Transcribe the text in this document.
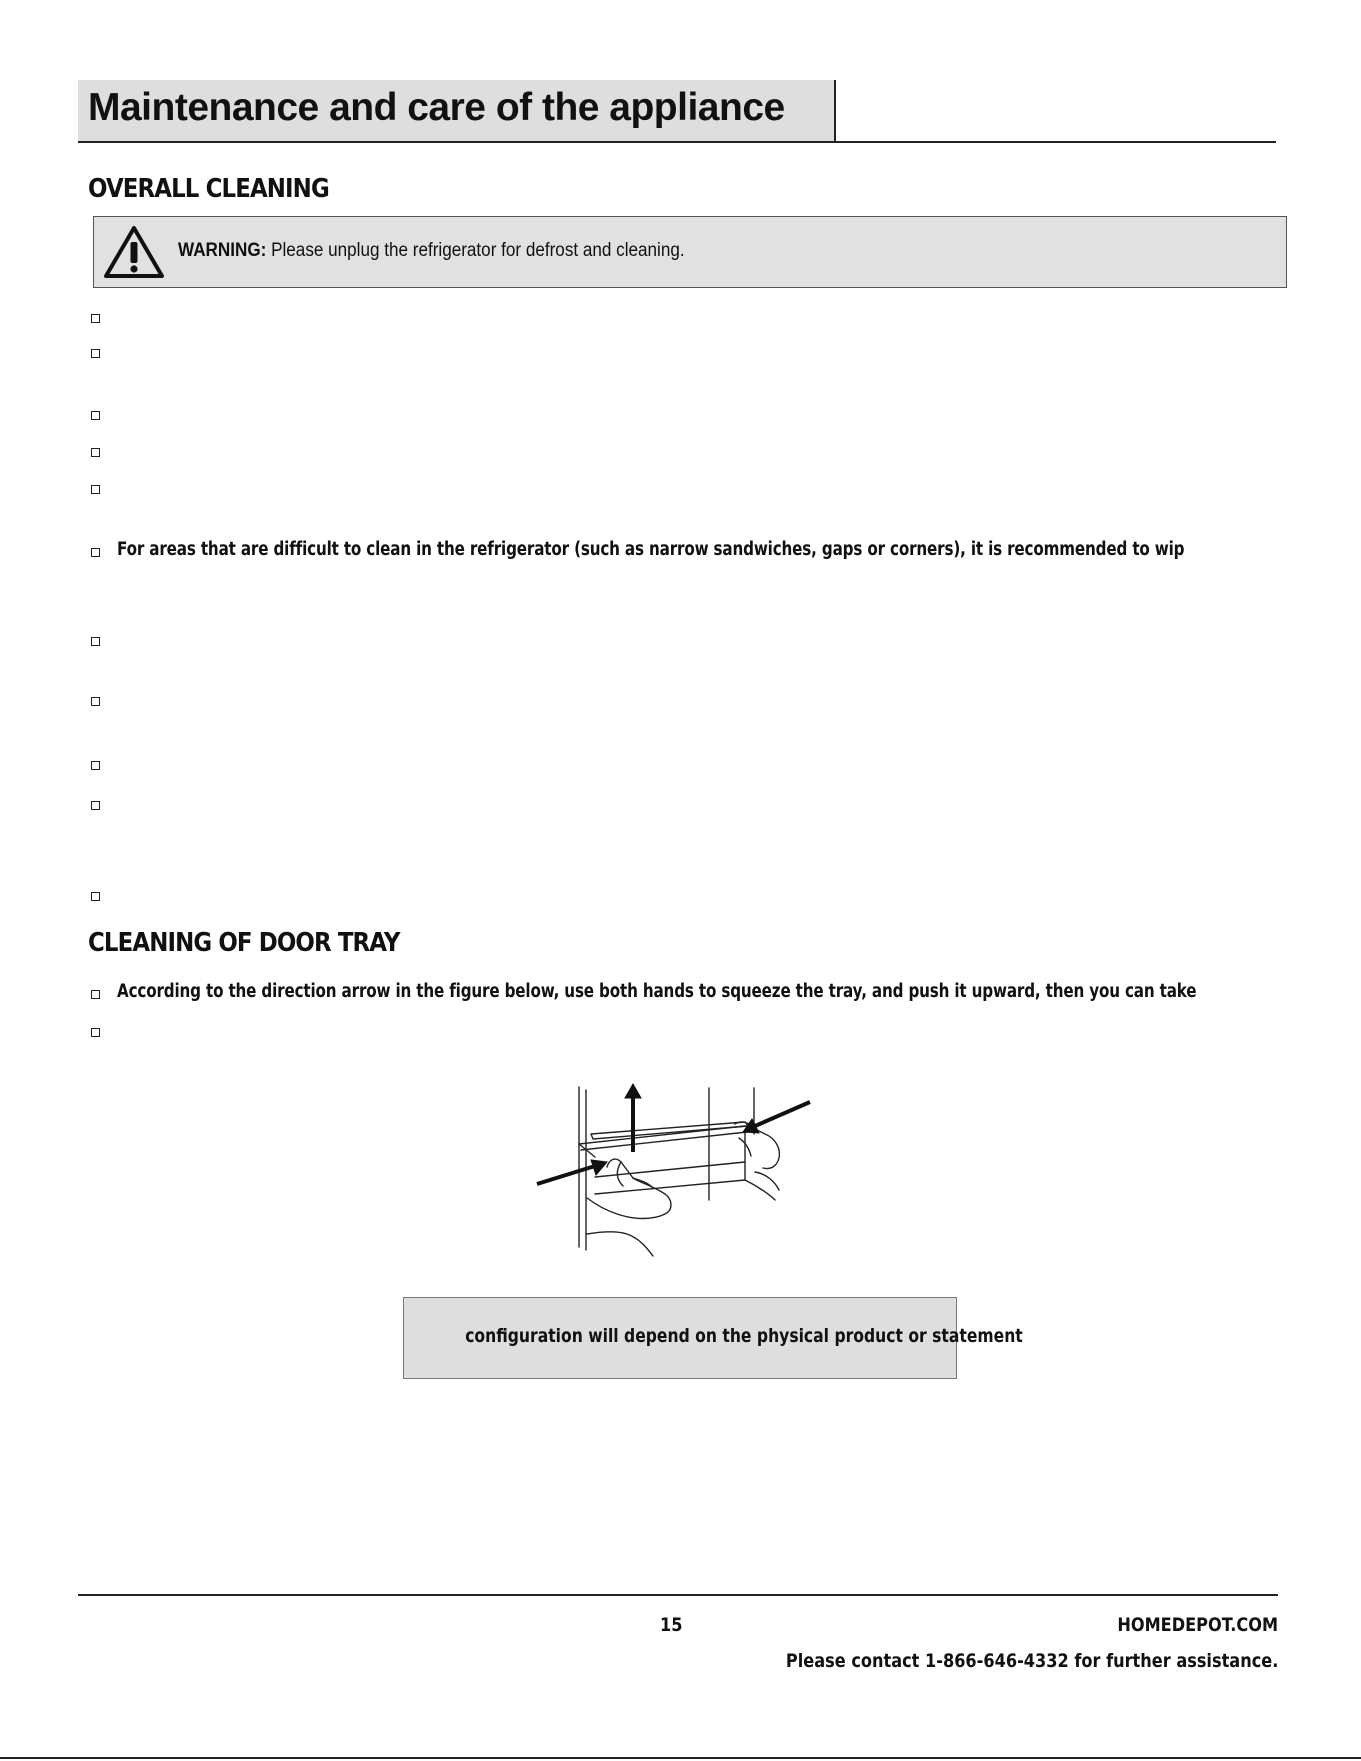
Maintenance and care of the appliance
OVERALL CLEANING
WARNING: Please unplug the refrigerator for defrost and cleaning.
For areas that are difficult to clean in the refrigerator (such as narrow sandwiches, gaps or corners), it is recommended to wip
CLEANING OF DOOR TRAY
According to the direction arrow in the figure below, use both hands to squeeze the tray, and push it upward, then you can take
configuration will depend on the physical product or statement
15	HOMEDEPOT.COM
Please contact 1-866-646-4332 for further assistance.
